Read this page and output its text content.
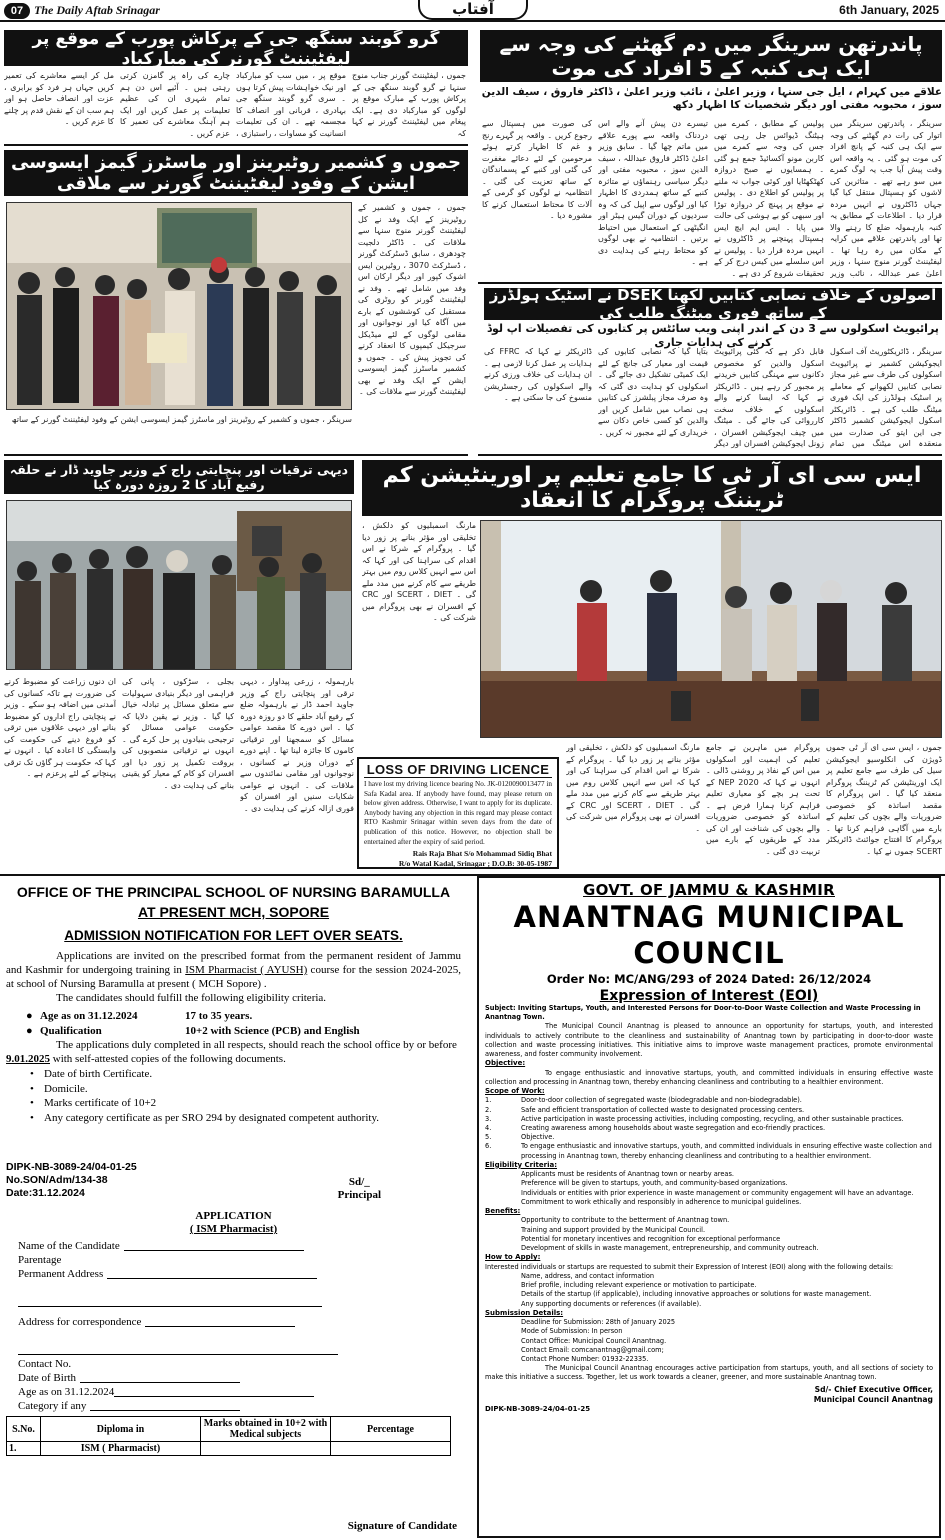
07 The Daily Aftab Srinagar	آفتاب	6th January, 2025
گرو گوبند سنگھ جی کے پرکاش پورب کے موقع پر لیفٹیننٹ گورنر کی مبارکباد
جموں ، لیفٹیننٹ گورنر جناب منوج سنہا نے گرو گوبند سنگھ جی کے پرکاش پورب کے مبارک موقع پر لوگوں کو مبارکباد دی ہے۔ ایک پیغام میں لیفٹیننٹ گورنر نے کہا کہ
موقع پر ، میں سب کو مبارکباد اور نیک خواہشات پیش کرتا ہوں ۔ سری گرو گوبند سنگھ جی بہادری ، قربانی اور انصاف کا مجسمہ تھے ۔ ان کی تعلیمات انسانیت کو مساوات ، راستبازی ،
چارے کی راہ پر گامزن کرتی رہتی ہیں ۔ آئیے اس دن ہم تمام شہری ان کی عظیم تعلیمات پر عمل کریں اور ایک ہم آہنگ معاشرے کی تعمیر کا عزم کریں ۔
مل کر ایسے معاشرے کی تعمیر کریں جہاں ہر فرد کو برابری ، عزت اور انصاف حاصل ہو اور ہم سب ان کے نقش قدم پر چلنے کا عزم کریں ۔
پاندرتھن سرینگر میں دم گھٹنے کی وجہ سے ایک ہی کنبہ کے 5 افراد کی موت
علاقے میں کہرام ، ایل جی سنہا ، وزیر اعلیٰ ، نائب وزیر اعلیٰ ، ڈاکٹر فاروق ، سیف الدین سوز ، محبوبہ مفتی اور دیگر شخصیات کا اظہار دکھ
سرینگر ، پاندرتھن سرینگر میں اتوار کی رات دم گھٹنے کی وجہ سے ایک ہی کنبہ کے پانچ افراد کی موت ہو گئی ۔ یہ واقعہ اس وقت پیش آیا جب یہ لوگ کمرے میں سو رہے تھے ۔ متاثرین کی لاشوں کو ہسپتال منتقل کیا گیا جہاں ڈاکٹروں نے انہیں مردہ قرار دیا ۔ اطلاعات کے مطابق یہ کنبہ بارہمولہ ضلع کا رہنے والا تھا اور پاندرتھن علاقے میں کرایہ کے مکان میں رہ رہا تھا ۔ لیفٹیننٹ گورنر منوج سنہا ، وزیر اعلیٰ عمر عبداللہ ، نائب وزیر
پولیس کے مطابق ، کمرے میں ہیٹنگ ڈیوائس جل رہی تھی جس کی وجہ سے کمرے میں کاربن مونو آکسائیڈ جمع ہو گئی ۔ ہمسایوں نے صبح دروازہ کھٹکھٹایا اور کوئی جواب نہ ملنے پر پولیس کو اطلاع دی ۔ پولیس نے موقع پر پہنچ کر دروازہ توڑا اور سبھی کو بے ہوشی کی حالت میں پایا ۔ ایس ایم ایچ ایس ہسپتال پہنچنے پر ڈاکٹروں نے انہیں مردہ قرار دیا ۔ پولیس نے اس سلسلے میں کیس درج کر کے تحقیقات شروع کر دی ہے ۔
تیسرے دن پیش آنے والے اس دردناک واقعہ سے پورے علاقے میں ماتم چھا گیا ۔ سابق وزیر اعلیٰ ڈاکٹر فاروق عبداللہ ، سیف الدین سوز ، محبوبہ مفتی اور دیگر سیاسی رہنماؤں نے متاثرہ کنبے کے ساتھ ہمدردی کا اظہار کیا اور لوگوں سے اپیل کی کہ وہ سردیوں کے دوران گیس ہیٹر اور انگیٹھی کے استعمال میں احتیاط برتیں ۔ انتظامیہ نے بھی لوگوں کو محتاط رہنے کی ہدایت دی ہے ۔
کی صورت میں ہسپتال سے رجوع کریں ۔ واقعہ پر گہرے رنج و غم کا اظہار کرتے ہوئے مرحومین کے لئے دعائے مغفرت کی گئی اور کنبے کے پسماندگان کے ساتھ تعزیت کی گئی ۔ انتظامیہ نے لوگوں کو گرمی کے آلات کا محتاط استعمال کرنے کا مشورہ دیا ۔
جموں و کشمیر روٹیرینز اور ماسٹرز گیمز ایسوسی ایشن کے وفود لیفٹیننٹ گورنر سے ملاقی
جموں ، جموں و کشمیر کے روٹیرینز کے ایک وفد نے کل لیفٹیننٹ گورنر منوج سنہا سے ملاقات کی ۔ ڈاکٹر دلجیت چودھری ، سابق ڈسٹرکٹ گورنر ، ڈسٹرکٹ 3070 ، روٹیرین ایس اشوک کپور اور دیگر ارکان اس وفد میں شامل تھے ۔ وفد نے لیفٹیننٹ گورنر کو روٹری کی مستقبل کی کوششوں کے بارے میں آگاہ کیا اور نوجوانوں اور مقامی لوگوں کے لئے میڈیکل سرجیکل کیمپوں کا انعقاد کرنے کی تجویز پیش کی ۔ جموں و کشمیر ماسٹرز گیمز ایسوسی ایشن کے ایک وفد نے بھی لیفٹیننٹ گورنر سے ملاقات کی ۔
سرینگر ، جموں و کشمیر کے روٹیرینز اور ماسٹرز گیمز ایسوسی ایشن کے وفود لیفٹیننٹ گورنر کے ساتھ
اصولوں کے خلاف نصابی کتابیں لکھنا DSEK نے اسٹیک ہولڈرز کے ساتھ فوری میٹنگ طلب کی
پرائیویٹ اسکولوں سے 3 دن کے اندر اپنی ویب سائٹس پر کتابوں کی تفصیلات اپ لوڈ کرنے کی ہدایات جاری
سرینگر ، ڈائریکٹوریٹ آف اسکول ایجوکیشن کشمیر نے پرائیویٹ اسکولوں کی طرف سے غیر مجاز نصابی کتابیں لکھوانے کے معاملے پر اسٹیک ہولڈرز کی ایک فوری میٹنگ طلب کی ہے ۔ ڈائریکٹر اسکول ایجوکیشن کشمیر ڈاکٹر جی این ایتو کی صدارت میں منعقدہ اس میٹنگ میں تمام
قابل ذکر ہے کہ کئی پرائیویٹ اسکول والدین کو مخصوص دکانوں سے مہنگی کتابیں خریدنے پر مجبور کر رہے ہیں ۔ ڈائریکٹر نے کہا کہ ایسا کرنے والے اسکولوں کے خلاف سخت کارروائی کی جائے گی ۔ میٹنگ میں چیف ایجوکیشن افسران ، زونل ایجوکیشن افسران اور دیگر
بتایا گیا کہ نصابی کتابوں کی قیمت اور معیار کی جانچ کے لئے ایک کمیٹی تشکیل دی جائے گی ۔ اسکولوں کو ہدایت دی گئی کہ وہ صرف مجاز پبلشرز کی کتابیں ہی نصاب میں شامل کریں اور والدین کو کسی خاص دکان سے خریداری کے لئے مجبور نہ کریں ۔
ڈائریکٹر نے کہا کہ FFRC کی ہدایات پر عمل کرنا لازمی ہے ۔ ان ہدایات کی خلاف ورزی کرنے والے اسکولوں کی رجسٹریشن منسوخ کی جا سکتی ہے ۔
دیہی ترقیات اور پنچایتی راج کے وزیر جاوید ڈار نے حلقہ رفیع آباد کا 2 روزہ دورہ کیا
بارہمولہ ، زرعی پیداوار ، دیہی ترقی اور پنچایتی راج کے وزیر جاوید احمد ڈار نے بارہمولہ ضلع کے رفیع آباد حلقے کا دو روزہ دورہ کیا ۔ اس دورے کا مقصد عوامی مسائل کو سمجھنا اور ترقیاتی کاموں کا جائزہ لینا تھا ۔ اپنے دورے کے دوران وزیر نے کسانوں ، نوجوانوں اور مقامی نمائندوں سے ملاقات کی ۔ انہوں نے عوامی شکایات سنیں اور افسران کو فوری ازالہ کرنے کی ہدایت دی ۔
بجلی ، سڑکوں ، پانی کی فراہمی اور دیگر بنیادی سہولیات سے متعلق مسائل پر تبادلہ خیال کیا گیا ۔ وزیر نے یقین دلایا کہ حکومت عوامی مسائل کو ترجیحی بنیادوں پر حل کرے گی ۔ انہوں نے ترقیاتی منصوبوں کی بروقت تکمیل پر زور دیا اور افسران کو کام کے معیار کو یقینی بنانے کی ہدایت دی ۔
ان دنوں زراعت کو مضبوط کرنے کی ضرورت ہے تاکہ کسانوں کی آمدنی میں اضافہ ہو سکے ۔ وزیر نے پنچایتی راج اداروں کو مضبوط بنانے اور دیہی علاقوں میں ترقی کو فروغ دینے کی حکومت کی وابستگی کا اعادہ کیا ۔ انہوں نے کہا کہ حکومت ہر گاؤں تک ترقی پہنچانے کے لئے پرعزم ہے ۔
ایس سی ای آر ٹی کا جامع تعلیم پر اورینٹیشن کم ٹریننگ پروگرام کا انعقاد
مارنگ اسمبلیوں کو دلکش ، تخلیقی اور مؤثر بنانے پر زور دیا گیا ۔ پروگرام کے شرکا نے اس اقدام کی سراہنا کی اور کہا کہ اس سے انہیں کلاس روم میں بہتر طریقے سے کام کرنے میں مدد ملے گی ۔ SCERT ، DIET اور CRC کے افسران نے بھی پروگرام میں شرکت کی ۔
جموں ، ایس سی ای آر ٹی جموں ڈویژن کی انکلوسیو ایجوکیشن سیل کی طرف سے جامع تعلیم پر ایک اورینٹیشن کم ٹریننگ پروگرام منعقد کیا گیا ۔ اس پروگرام کا مقصد اساتذہ کو خصوصی ضروریات والے بچوں کی تعلیم کے بارے میں آگاہی فراہم کرنا تھا ۔ پروگرام کا افتتاح جوائنٹ ڈائریکٹر SCERT جموں نے کیا ۔
پروگرام میں ماہرین نے جامع تعلیم کی اہمیت اور اسکولوں میں اس کے نفاذ پر روشنی ڈالی ۔ انہوں نے کہا کہ NEP 2020 کے تحت ہر بچے کو معیاری تعلیم فراہم کرنا ہمارا فرض ہے ۔ اساتذہ کو خصوصی ضروریات والے بچوں کی شناخت اور ان کی مدد کے طریقوں کے بارے میں تربیت دی گئی ۔
مارنگ اسمبلیوں کو دلکش ، تخلیقی اور مؤثر بنانے پر زور دیا گیا ۔ پروگرام کے شرکا نے اس اقدام کی سراہنا کی اور کہا کہ اس سے انہیں کلاس روم میں بہتر طریقے سے کام کرنے میں مدد ملے گی ۔ SCERT ، DIET اور CRC کے افسران نے بھی پروگرام میں شرکت کی ۔
LOSS OF DRIVING LICENCE
I have lost my driving licence bearing No. JK-0120090013477 in Safa Kadal area. If anybody have found, may please return on below given address. Otherwise, I want to apply for its duplicate. Anybody having any objection in this regard may please contact RTO Kashmir Srinagar within seven days from the date of publication of this notice. However, no objection shall be entertained after the expiry of said period.
Rais Raja Bhat S/o Mohammad Sidiq Bhat
R/o Watal Kadal, Srinagar ; D.O.B: 30-05-1987
OFFICE OF THE PRINCIPAL SCHOOL OF NURSING BARAMULLA
AT PRESENT MCH, SOPORE
ADMISSION NOTIFICATION FOR LEFT OVER SEATS.
Applications are invited on the prescribed format from the permanent resident of Jammu and Kashmir for undergoing training in ISM Pharmacist ( AYUSH) course for the session 2024-2025, at school of Nursing Baramulla at present ( MCH Sopore) .
The candidates should fulfill the following eligibility criteria.
● Age as on 31.12.2024	17 to 35 years.
● Qualification	10+2 with Science (PCB) and English
The applications duly completed in all respects, should reach the school office by or before 9.01.2025 with self-attested copies of the following documents.
• Date of birth Certificate.
• Domicile.
• Marks certificate of 10+2
• Any category certificate as per SRO 294 by designated competent authority.
Sd/_
Principal
DIPK-NB-3089-24/04-01-25
No.SON/Adm/134-38
Date:31.12.2024
APPLICATION
( ISM Pharmacist)
Name of the Candidate
Parentage
Permanent Address
Address for correspondence
Contact No.
Date of Birth
Age as on 31.12.2024
Category if any
S.No.	Diploma in	Marks obtained in 10+2 with Medical subjects	Percentage
1.	ISM ( Pharmacist)		
Signature of Candidate
GOVT. OF JAMMU & KASHMIR
ANANTNAG MUNICIPAL COUNCIL
Order No: MC/ANG/293 of 2024 Dated: 26/12/2024
Expression of Interest (EOI)
Subject: Inviting Startups, Youth, and Interested Persons for Door-to-Door Waste Collection and Waste Processing in Anantnag Town.
The Municipal Council Anantnag is pleased to announce an opportunity for startups, youth, and interested individuals to actively contribute to the cleanliness and sustainability of Anantnag town by participating in door-to-door waste collection and waste processing initiatives. This initiative aims to improve waste management practices, promote environmental awareness, and foster community involvement.
Objective:
To engage enthusiastic and innovative startups, youth, and committed individuals in ensuring effective waste collection and processing in Anantnag town, thereby enhancing cleanliness and contributing to a healthier environment.
Scope of Work:
1.	Door-to-door collection of segregated waste (biodegradable and non-biodegradable).
2.	Safe and efficient transportation of collected waste to designated processing centers.
3.	Active participation in waste processing activities, including composting, recycling, and other sustainable practices.
4.	Creating awareness among households about waste segregation and eco-friendly practices.
5.	Objective.
6.	To engage enthusiastic and innovative startups, youth, and committed individuals in ensuring effective waste collection and processing in Anantnag town, thereby enhancing cleanliness and contributing to a healthier environment.
Eligibility Criteria:
Applicants must be residents of Anantnag town or nearby areas.
Preference will be given to startups, youth, and community-based organizations.
Individuals or entities with prior experience in waste management or community engagement will have an advantage.
Commitment to work ethically and responsibly in adherence to municipal guidelines.
Benefits:
Opportunity to contribute to the betterment of Anantnag town.
Training and support provided by the Municipal Council.
Potential for monetary incentives and recognition for exceptional performance
Development of skills in waste management, entrepreneurship, and community outreach.
How to Apply:
Interested individuals or startups are requested to submit their Expression of Interest (EOI) along with the following details:
Name, address, and contact information
Brief profile, including relevant experience or motivation to participate.
Details of the startup (if applicable), including innovative approaches or solutions for waste management.
Any supporting documents or references (if available).
Submission Details:
Deadline for Submission: 28th of January 2025
Mode of Submission: In person
Contact Office: Municipal Council Anantnag.
Contact Email: comcanantnag@gmail.com;
Contact Phone Number: 01932-22335.
The Municipal Council Anantnag encourages active participation from startups, youth, and all sections of society to make this initiative a success. Together, let us work towards a cleaner, greener, and more sustainable Anantnag town.
Sd/- Chief Executive Officer,
Municipal Council Anantnag
DIPK-NB-3089-24/04-01-25
